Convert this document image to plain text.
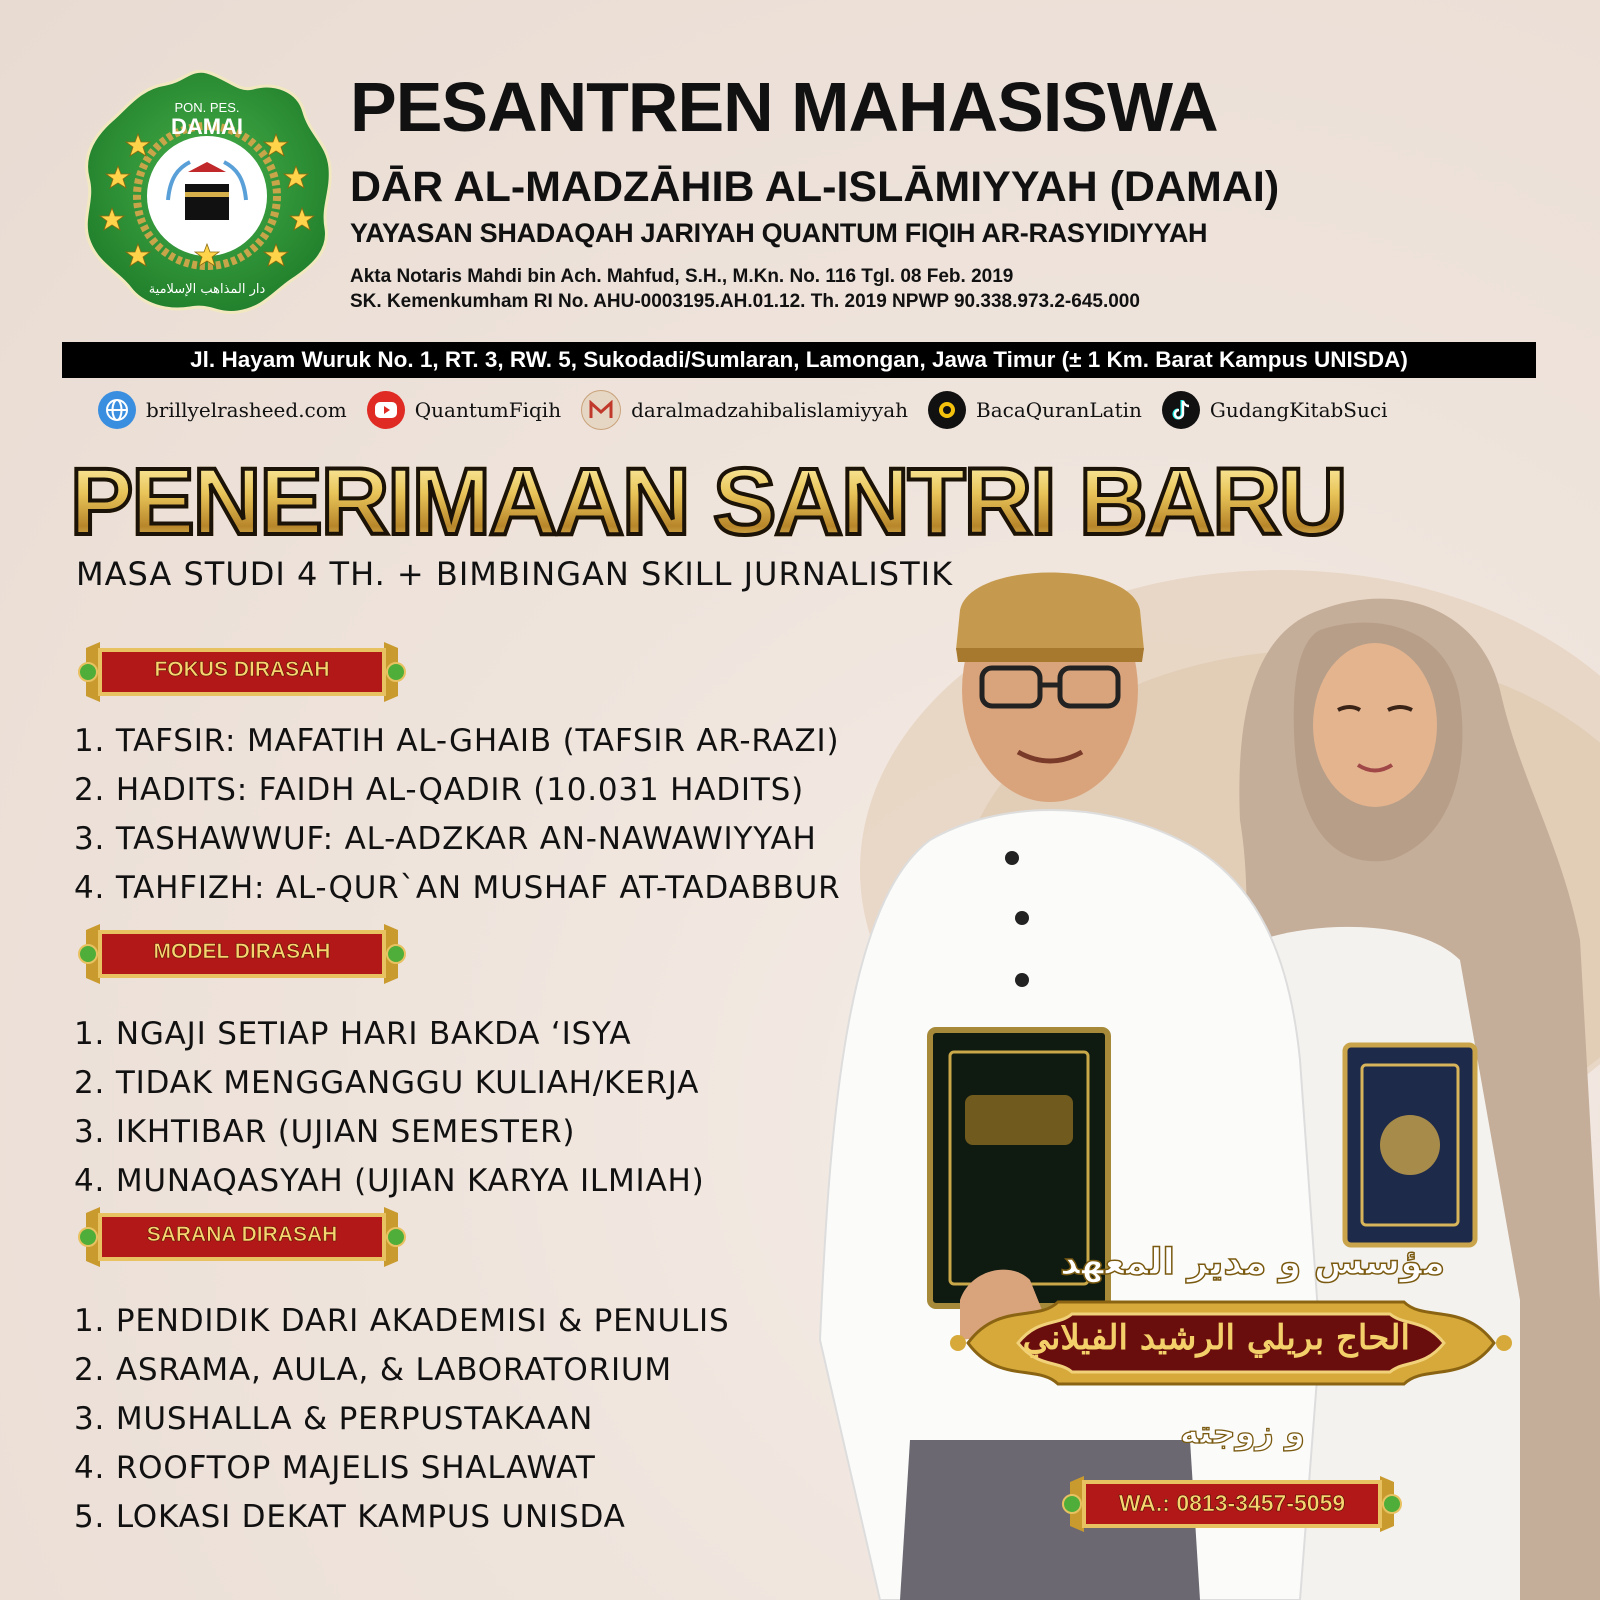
PON. PES.
DAMAI
دار المذاهب الإسلامية
PESANTREN MAHASISWA
DĀR AL-MADZĀHIB AL-ISLĀMIYYAH (DAMAI)
YAYASAN SHADAQAH JARIYAH QUANTUM FIQIH AR-RASYIDIYYAH
Akta Notaris Mahdi bin Ach. Mahfud, S.H., M.Kn. No. 116 Tgl. 08 Feb. 2019
SK. Kemenkumham RI No. AHU-0003195.AH.01.12. Th. 2019 NPWP 90.338.973.2-645.000
Jl. Hayam Wuruk No. 1, RT. 3, RW. 5, Sukodadi/Sumlaran, Lamongan, Jawa Timur (± 1 Km. Barat Kampus UNISDA)
brillyelrasheed.com	QuantumFiqih	daralmadzahibalislamiyyah	BacaQuranLatin	GudangKitabSuci
PENERIMAAN SANTRI BARU
MASA STUDI 4 TH. + BIMBINGAN SKILL JURNALISTIK
FOKUS DIRASAH
1. TAFSIR: MAFATIH AL-GHAIB (TAFSIR AR-RAZI)
2. HADITS: FAIDH AL-QADIR (10.031 HADITS)
3. TASHAWWUF: AL-ADZKAR AN-NAWAWIYYAH
4. TAHFIZH: AL-QUR`AN MUSHAF AT-TADABBUR
MODEL DIRASAH
1. NGAJI SETIAP HARI BAKDA ‘ISYA
2. TIDAK MENGGANGGU KULIAH/KERJA
3. IKHTIBAR (UJIAN SEMESTER)
4. MUNAQASYAH (UJIAN KARYA ILMIAH)
SARANA DIRASAH
1. PENDIDIK DARI AKADEMISI & PENULIS
2. ASRAMA, AULA, & LABORATORIUM
3. MUSHALLA & PERPUSTAKAAN
4. ROOFTOP MAJELIS SHALAWAT
5. LOKASI DEKAT KAMPUS UNISDA
مؤسس و مدير المعهد
الحاج بريلي الرشيد الفيلاني
و زوجته
WA.: 0813-3457-5059
